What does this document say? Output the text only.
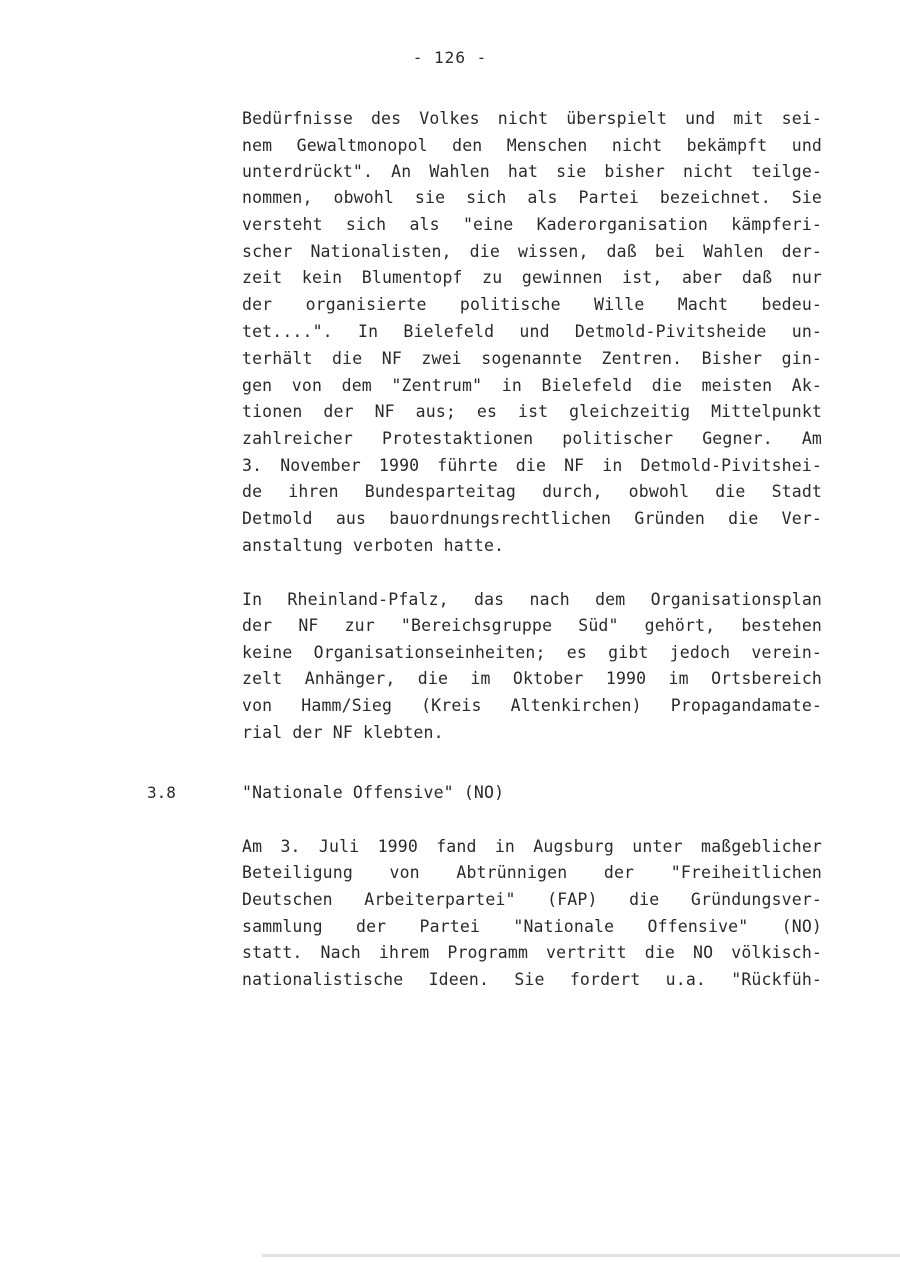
- 126 -
Bedürfnisse des Volkes nicht überspielt und mit sei-
nem Gewaltmonopol den Menschen nicht bekämpft und
unterdrückt". An Wahlen hat sie bisher nicht teilge-
nommen, obwohl sie sich als Partei bezeichnet. Sie
versteht sich als "eine Kaderorganisation kämpferi-
scher Nationalisten, die wissen, daß bei Wahlen der-
zeit kein Blumentopf zu gewinnen ist, aber daß nur
der organisierte politische Wille Macht bedeu-
tet....". In Bielefeld und Detmold-Pivitsheide un-
terhält die NF zwei sogenannte Zentren. Bisher gin-
gen von dem "Zentrum" in Bielefeld die meisten Ak-
tionen der NF aus; es ist gleichzeitig Mittelpunkt
zahlreicher Protestaktionen politischer Gegner. Am
3. November 1990 führte die NF in Detmold-Pivitshei-
de ihren Bundesparteitag durch, obwohl die Stadt
Detmold aus bauordnungsrechtlichen Gründen die Ver-
anstaltung verboten hatte.
In Rheinland-Pfalz, das nach dem Organisationsplan
der NF zur "Bereichsgruppe Süd" gehört, bestehen
keine Organisationseinheiten; es gibt jedoch verein-
zelt Anhänger, die im Oktober 1990 im Ortsbereich
von Hamm/Sieg (Kreis Altenkirchen) Propagandamate-
rial der NF klebten.
3.8	"Nationale Offensive" (NO)
Am 3. Juli 1990 fand in Augsburg unter maßgeblicher
Beteiligung von Abtrünnigen der "Freiheitlichen
Deutschen Arbeiterpartei" (FAP) die Gründungsver-
sammlung der Partei "Nationale Offensive" (NO)
statt. Nach ihrem Programm vertritt die NO völkisch-
nationalistische Ideen. Sie fordert u.a. "Rückfüh-
